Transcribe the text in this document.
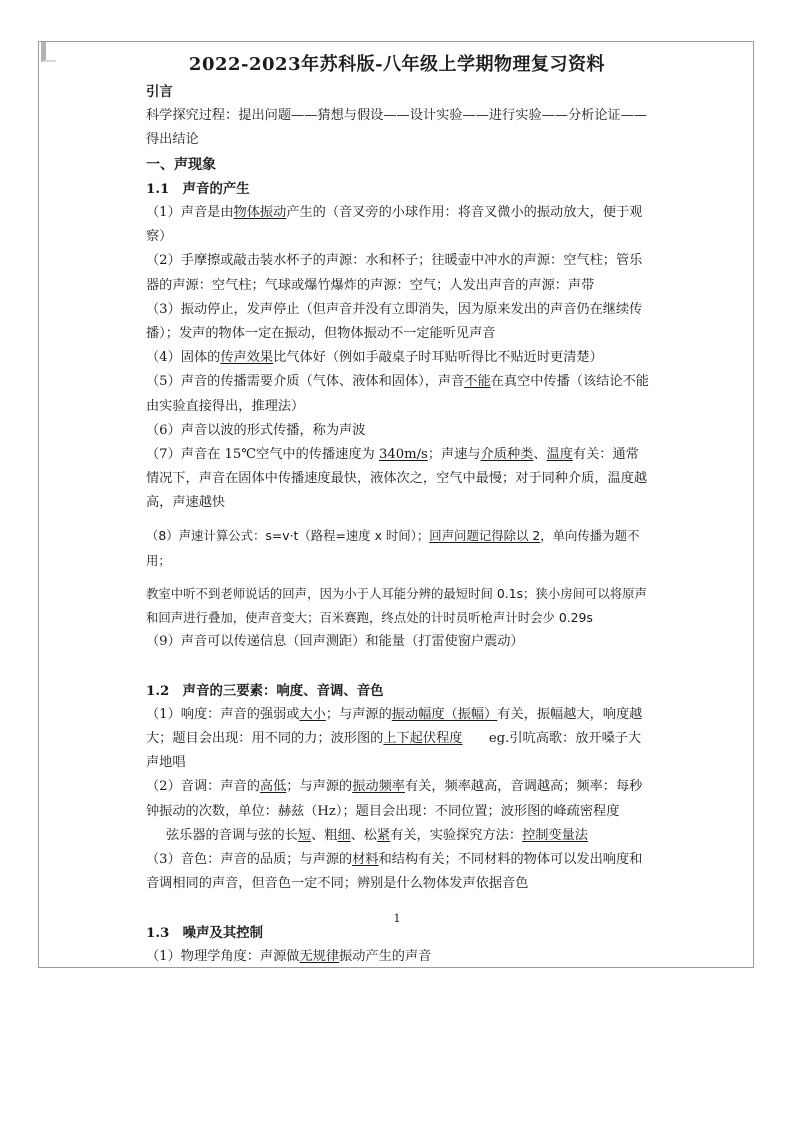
2022-2023年苏科版-八年级上学期物理复习资料

引言

科学探究过程：提出问题——猜想与假设——设计实验——进行实验——分析论证——得出结论

一、声现象

1.1　声音的产生

（1）声音是由物体振动产生的（音叉旁的小球作用：将音叉微小的振动放大，便于观察）

（2）手摩擦或敲击装水杯子的声源：水和杯子；往暖壶中冲水的声源：空气柱；管乐器的声源：空气柱；气球或爆竹爆炸的声源：空气；人发出声音的声源：声带

（3）振动停止，发声停止（但声音并没有立即消失，因为原来发出的声音仍在继续传播）；发声的物体一定在振动，但物体振动不一定能听见声音

（4）固体的传声效果比气体好（例如手敲桌子时耳贴听得比不贴近时更清楚）

（5）声音的传播需要介质（气体、液体和固体），声音不能在真空中传播（该结论不能由实验直接得出，推理法）

（6）声音以波的形式传播，称为声波

（7）声音在 15℃空气中的传播速度为 340m/s；声速与介质种类、温度有关：通常情况下，声音在固体中传播速度最快，液体次之，空气中最慢；对于同种介质，温度越高，声速越快

（8）声速计算公式：s=v·t（路程=速度 x 时间）；回声问题记得除以 2，单向传播为题不用；

教室中听不到老师说话的回声，因为小于人耳能分辨的最短时间 0.1s；狭小房间可以将原声和回声进行叠加，使声音变大；百米赛跑，终点处的计时员听枪声计时会少 0.29s

（9）声音可以传递信息（回声测距）和能量（打雷使窗户震动）

1.2　声音的三要素：响度、音调、音色

（1）响度：声音的强弱或大小；与声源的振动幅度（振幅）有关，振幅越大，响度越大；题目会出现：用不同的力；波形图的上下起伏程度　　eg.引吭高歌：放开嗓子大声地唱

（2）音调：声音的高低；与声源的振动频率有关，频率越高，音调越高；频率：每秒钟振动的次数，单位：赫兹（Hz）；题目会出现：不同位置；波形图的峰疏密程度

弦乐器的音调与弦的长短、粗细、松紧有关，实验探究方法：控制变量法

（3）音色：声音的品质；与声源的材料和结构有关；不同材料的物体可以发出响度和音调相同的声音，但音色一定不同；辨别是什么物体发声依据音色

1.3　噪声及其控制

（1）物理学角度：声源做无规律振动产生的声音

1
